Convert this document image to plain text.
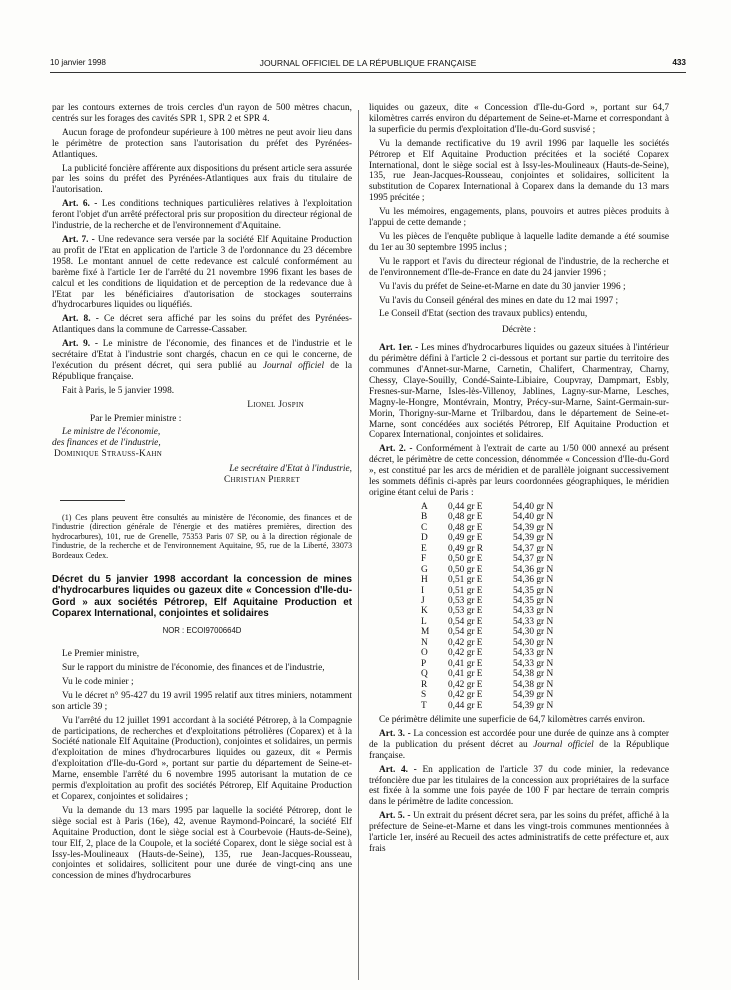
10 janvier 1998	JOURNAL OFFICIEL DE LA RÉPUBLIQUE FRANÇAISE	433

par les contours externes de trois cercles d'un rayon de 500 mètres chacun, centrés sur les forages des cavités SPR 1, SPR 2 et SPR 4.

Aucun forage de profondeur supérieure à 100 mètres ne peut avoir lieu dans le périmètre de protection sans l'autorisation du préfet des Pyrénées-Atlantiques.

La publicité foncière afférente aux dispositions du présent article sera assurée par les soins du préfet des Pyrénées-Atlantiques aux frais du titulaire de l'autorisation.

Art. 6. - Les conditions techniques particulières relatives à l'exploitation feront l'objet d'un arrêté préfectoral pris sur proposition du directeur régional de l'industrie, de la recherche et de l'environnement d'Aquitaine.

Art. 7. - Une redevance sera versée par la société Elf Aquitaine Production au profit de l'Etat en application de l'article 3 de l'ordonnance du 23 décembre 1958. Le montant annuel de cette redevance est calculé conformément au barème fixé à l'article 1er de l'arrêté du 21 novembre 1996 fixant les bases de calcul et les conditions de liquidation et de perception de la redevance due à l'Etat par les bénéficiaires d'autorisation de stockages souterrains d'hydrocarbures liquides ou liquéfiés.

Art. 8. - Ce décret sera affiché par les soins du préfet des Pyrénées-Atlantiques dans la commune de Carresse-Cassaber.

Art. 9. - Le ministre de l'économie, des finances et de l'industrie et le secrétaire d'Etat à l'industrie sont chargés, chacun en ce qui le concerne, de l'exécution du présent décret, qui sera publié au Journal officiel de la République française.

Fait à Paris, le 5 janvier 1998.

Lionel Jospin
Par le Premier ministre :
Le ministre de l'économie,
des finances et de l'industrie,
Dominique Strauss-Kahn
Le secrétaire d'Etat à l'industrie,
Christian Pierret

(1) Ces plans peuvent être consultés au ministère de l'économie, des finances et de l'industrie (direction générale de l'énergie et des matières premières, direction des hydrocarbures), 101, rue de Grenelle, 75353 Paris 07 SP, ou à la direction régionale de l'industrie, de la recherche et de l'environnement Aquitaine, 95, rue de la Liberté, 33073 Bordeaux Cedex.

Décret du 5 janvier 1998 accordant la concession de mines d'hydrocarbures liquides ou gazeux dite « Concession d'Ile-du-Gord » aux sociétés Pétrorep, Elf Aquitaine Production et Coparex International, conjointes et solidaires
NOR : ECOI9700664D

Le Premier ministre,

Sur le rapport du ministre de l'économie, des finances et de l'industrie,

Vu le code minier ;

Vu le décret n° 95-427 du 19 avril 1995 relatif aux titres miniers, notamment son article 39 ;

Vu l'arrêté du 12 juillet 1991 accordant à la société Pétrorep, à la Compagnie de participations, de recherches et d'exploitations pétrolières (Coparex) et à la Société nationale Elf Aquitaine (Production), conjointes et solidaires, un permis d'exploitation de mines d'hydrocarbures liquides ou gazeux, dit « Permis d'exploitation d'Ile-du-Gord », portant sur partie du département de Seine-et-Marne, ensemble l'arrêté du 6 novembre 1995 autorisant la mutation de ce permis d'exploitation au profit des sociétés Pétrorep, Elf Aquitaine Production et Coparex, conjointes et solidaires ;

Vu la demande du 13 mars 1995 par laquelle la société Pétrorep, dont le siège social est à Paris (16e), 42, avenue Raymond-Poincaré, la société Elf Aquitaine Production, dont le siège social est à Courbevoie (Hauts-de-Seine), tour Elf, 2, place de la Coupole, et la société Coparex, dont le siège social est à Issy-les-Moulineaux (Hauts-de-Seine), 135, rue Jean-Jacques-Rousseau, conjointes et solidaires, sollicitent pour une durée de vingt-cinq ans une concession de mines d'hydrocarbures

liquides ou gazeux, dite « Concession d'Ile-du-Gord », portant sur 64,7 kilomètres carrés environ du département de Seine-et-Marne et correspondant à la superficie du permis d'exploitation d'Ile-du-Gord susvisé ;

Vu la demande rectificative du 19 avril 1996 par laquelle les sociétés Pétrorep et Elf Aquitaine Production précitées et la société Coparex International, dont le siège social est à Issy-les-Moulineaux (Hauts-de-Seine), 135, rue Jean-Jacques-Rousseau, conjointes et solidaires, sollicitent la substitution de Coparex International à Coparex dans la demande du 13 mars 1995 précitée ;

Vu les mémoires, engagements, plans, pouvoirs et autres pièces produits à l'appui de cette demande ;

Vu les pièces de l'enquête publique à laquelle ladite demande a été soumise du 1er au 30 septembre 1995 inclus ;

Vu le rapport et l'avis du directeur régional de l'industrie, de la recherche et de l'environnement d'Ile-de-France en date du 24 janvier 1996 ;

Vu l'avis du préfet de Seine-et-Marne en date du 30 janvier 1996 ;

Vu l'avis du Conseil général des mines en date du 12 mai 1997 ;

Le Conseil d'Etat (section des travaux publics) entendu,

Décrète :

Art. 1er. - Les mines d'hydrocarbures liquides ou gazeux situées à l'intérieur du périmètre défini à l'article 2 ci-dessous et portant sur partie du territoire des communes d'Annet-sur-Marne, Carnetin, Chalifert, Charmentray, Charny, Chessy, Claye-Souilly, Condé-Sainte-Libiaire, Coupvray, Dampmart, Esbly, Fresnes-sur-Marne, Isles-lès-Villenoy, Jablines, Lagny-sur-Marne, Lesches, Magny-le-Hongre, Montévrain, Montry, Précy-sur-Marne, Saint-Germain-sur-Morin, Thorigny-sur-Marne et Trilbardou, dans le département de Seine-et-Marne, sont concédées aux sociétés Pétrorep, Elf Aquitaine Production et Coparex International, conjointes et solidaires.

Art. 2. - Conformément à l'extrait de carte au 1/50 000 annexé au présent décret, le périmètre de cette concession, dénommée « Concession d'Ile-du-Gord », est constitué par les arcs de méridien et de parallèle joignant successivement les sommets définis ci-après par leurs coordonnées géographiques, le méridien origine étant celui de Paris :

A	0,44 gr E	54,40 gr N
B	0,48 gr E	54,40 gr N
C	0,48 gr E	54,39 gr N
D	0,49 gr E	54,39 gr N
E	0,49 gr R	54,37 gr N
F	0,50 gr E	54,37 gr N
G	0,50 gr E	54,36 gr N
H	0,51 gr E	54,36 gr N
I	0,51 gr E	54,35 gr N
J	0,53 gr E	54,35 gr N
K	0,53 gr E	54,33 gr N
L	0,54 gr E	54,33 gr N
M	0,54 gr E	54,30 gr N
N	0,42 gr E	54,30 gr N
O	0,42 gr E	54,33 gr N
P	0,41 gr E	54,33 gr N
Q	0,41 gr E	54,38 gr N
R	0,42 gr E	54,38 gr N
S	0,42 gr E	54,39 gr N
T	0,44 gr E	54,39 gr N

Ce périmètre délimite une superficie de 64,7 kilomètres carrés environ.

Art. 3. - La concession est accordée pour une durée de quinze ans à compter de la publication du présent décret au Journal officiel de la République française.

Art. 4. - En application de l'article 37 du code minier, la redevance tréfoncière due par les titulaires de la concession aux propriétaires de la surface est fixée à la somme une fois payée de 100 F par hectare de terrain compris dans le périmètre de ladite concession.

Art. 5. - Un extrait du présent décret sera, par les soins du préfet, affiché à la préfecture de Seine-et-Marne et dans les vingt-trois communes mentionnées à l'article 1er, inséré au Recueil des actes administratifs de cette préfecture et, aux frais
